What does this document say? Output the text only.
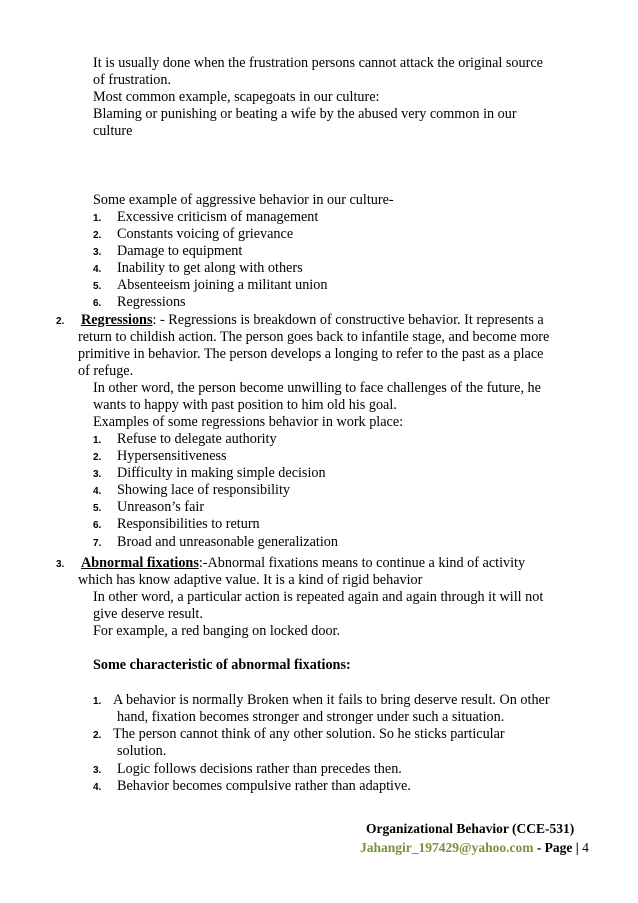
It is usually done when the frustration persons cannot attack the original source
of frustration.
Most common example, scapegoats in our culture:
Blaming or punishing or beating a wife by the abused very common in our
culture
Some example of aggressive behavior in our culture-
1. Excessive criticism of management
2. Constants voicing of grievance
3. Damage to equipment
4. Inability to get along with others
5. Absenteeism joining a militant union
6. Regressions
2. Regressions: - Regressions is breakdown of constructive behavior. It represents a
return to childish action. The person goes back to infantile stage, and become more
primitive in behavior. The person develops a longing to refer to the past as a place
of refuge.
In other word, the person become unwilling to face challenges of the future, he
wants to happy with past position to him old his goal.
Examples of some regressions behavior in work place:
1. Refuse to delegate authority
2. Hypersensitiveness
3. Difficulty in making simple decision
4. Showing lace of responsibility
5. Unreason’s fair
6. Responsibilities to return
7. Broad and unreasonable generalization
3. Abnormal fixations:-Abnormal fixations means to continue a kind of activity
which has know adaptive value. It is a kind of rigid behavior
In other word, a particular action is repeated again and again through it will not
give deserve result.
For example, a red banging on locked door.
Some characteristic of abnormal fixations:
1. A behavior is normally Broken when it fails to bring deserve result. On other
hand, fixation becomes stronger and stronger under such a situation.
2. The person cannot think of any other solution. So he sticks particular
solution.
3. Logic follows decisions rather than precedes then.
4. Behavior becomes compulsive rather than adaptive.
Organizational Behavior (CCE-531)
Jahangir_197429@yahoo.com - Page | 4
